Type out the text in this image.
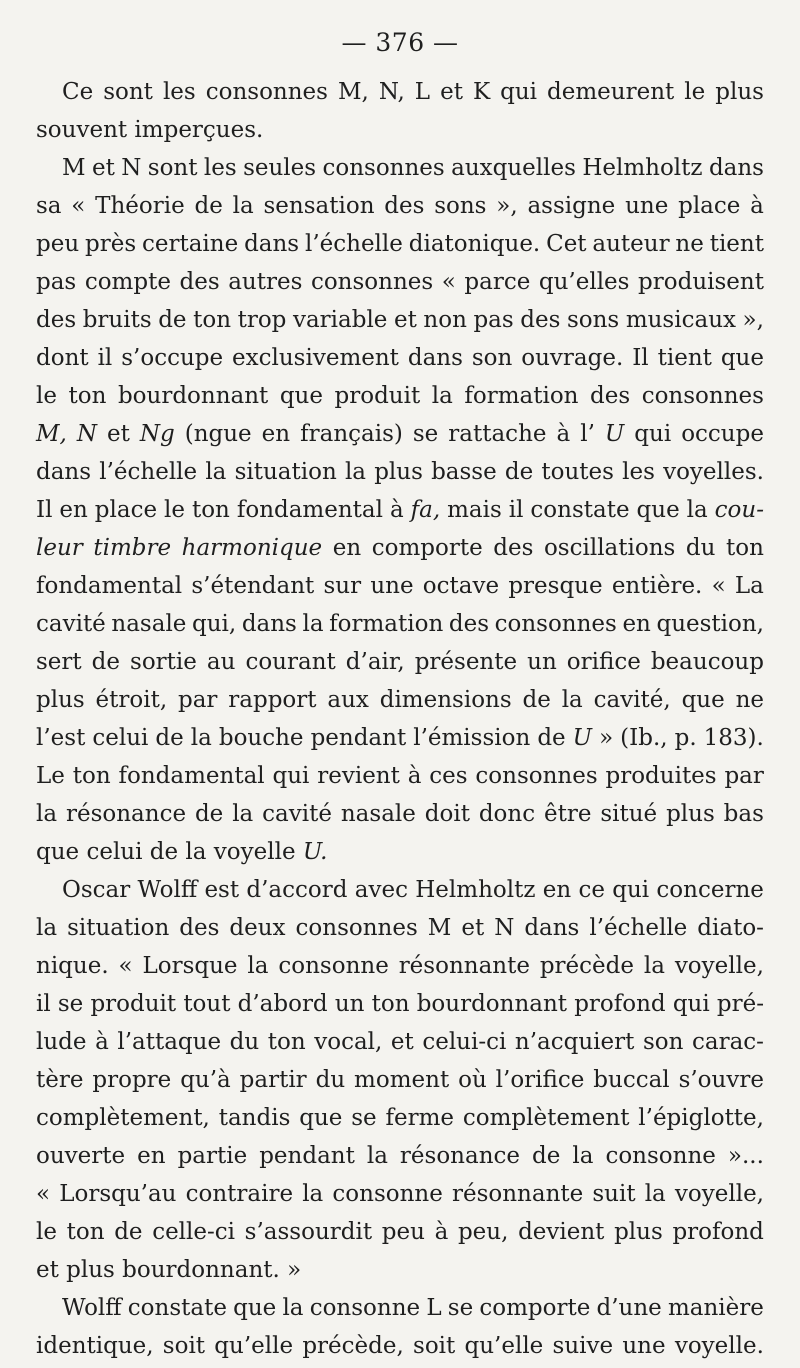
— 376 —
Ce sont les consonnes M, N, L et K qui demeurent le plus
souvent imperçues.
M et N sont les seules consonnes auxquelles Helmholtz dans
sa « Théorie de la sensation des sons », assigne une place à
peu près certaine dans l’échelle diatonique. Cet auteur ne tient
pas compte des autres consonnes « parce qu’elles produisent
des bruits de ton trop variable et non pas des sons musicaux »,
dont il s’occupe exclusivement dans son ouvrage. Il tient que
le ton bourdonnant que produit la formation des consonnes
M, N et Ng (ngue en français) se rattache à l’ U qui occupe
dans l’échelle la situation la plus basse de toutes les voyelles.
Il en place le ton fondamental à fa, mais il constate que la cou-
leur timbre harmonique en comporte des oscillations du ton
fondamental s’étendant sur une octave presque entière. « La
cavité nasale qui, dans la formation des consonnes en question,
sert de sortie au courant d’air, présente un orifice beaucoup
plus étroit, par rapport aux dimensions de la cavité, que ne
l’est celui de la bouche pendant l’émission de U » (Ib., p. 183).
Le ton fondamental qui revient à ces consonnes produites par
la résonance de la cavité nasale doit donc être situé plus bas
que celui de la voyelle U.
Oscar Wolff est d’accord avec Helmholtz en ce qui concerne
la situation des deux consonnes M et N dans l’échelle diato-
nique. « Lorsque la consonne résonnante précède la voyelle,
il se produit tout d’abord un ton bourdonnant profond qui pré-
lude à l’attaque du ton vocal, et celui-ci n’acquiert son carac-
tère propre qu’à partir du moment où l’orifice buccal s’ouvre
complètement, tandis que se ferme complètement l’épiglotte,
ouverte en partie pendant la résonance de la consonne »...
« Lorsqu’au contraire la consonne résonnante suit la voyelle,
le ton de celle-ci s’assourdit peu à peu, devient plus profond
et plus bourdonnant. »
Wolff constate que la consonne L se comporte d’une manière
identique, soit qu’elle précède, soit qu’elle suive une voyelle.
